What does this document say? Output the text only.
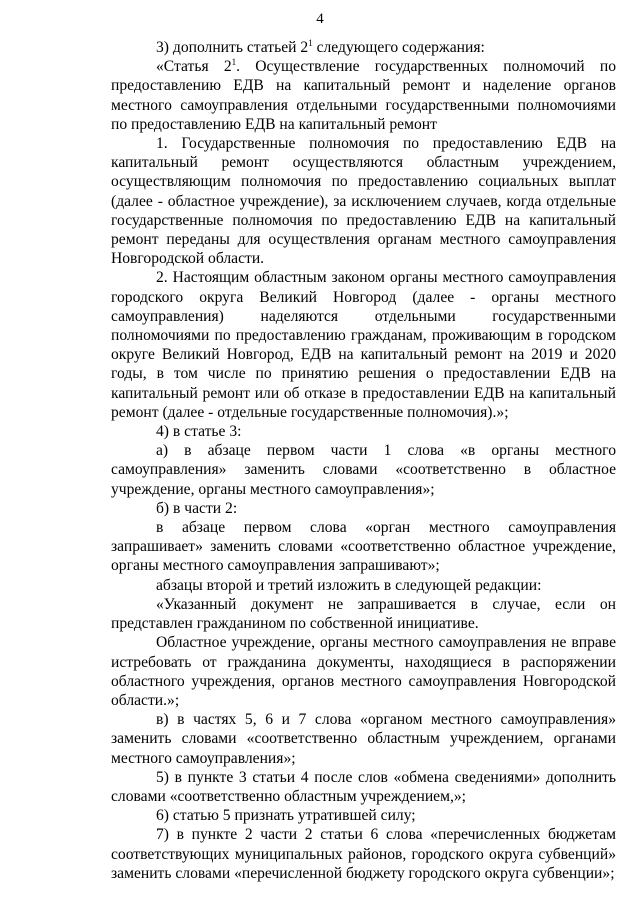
4

3) дополнить статьей $2^1$ следующего содержания:

«Статья $2^1$. Осуществление государственных полномочий по предоставлению ЕДВ на капитальный ремонт и наделение органов местного самоуправления отдельными государственными полномочиями по предоставлению ЕДВ на капитальный ремонт

1. Государственные полномочия по предоставлению ЕДВ на капитальный ремонт осуществляются областным учреждением, осуществляющим полномочия по предоставлению социальных выплат (далее - областное учреждение), за исключением случаев, когда отдельные государственные полномочия по предоставлению ЕДВ на капитальный ремонт переданы для осуществления органам местного самоуправления Новгородской области.

2. Настоящим областным законом органы местного самоуправления городского округа Великий Новгород (далее - органы местного самоуправления) наделяются отдельными государственными полномочиями по предоставлению гражданам, проживающим в городском округе Великий Новгород, ЕДВ на капитальный ремонт на 2019 и 2020 годы, в том числе по принятию решения о предоставлении ЕДВ на капитальный ремонт или об отказе в предоставлении ЕДВ на капитальный ремонт (далее - отдельные государственные полномочия).»;

4) в статье 3:

а) в абзаце первом части 1 слова «в органы местного самоуправления» заменить словами «соответственно в областное учреждение, органы местного самоуправления»;

б) в части 2:

в абзаце первом слова «орган местного самоуправления запрашивает» заменить словами «соответственно областное учреждение, органы местного самоуправления запрашивают»;

абзацы второй и третий изложить в следующей редакции:

«Указанный документ не запрашивается в случае, если он представлен гражданином по собственной инициативе.

Областное учреждение, органы местного самоуправления не вправе истребовать от гражданина документы, находящиеся в распоряжении областного учреждения, органов местного самоуправления Новгородской области.»;

в) в частях 5, 6 и 7 слова «органом местного самоуправления» заменить словами «соответственно областным учреждением, органами местного самоуправления»;

5) в пункте 3 статьи 4 после слов «обмена сведениями» дополнить словами «соответственно областным учреждением,»;

6) статью 5 признать утратившей силу;

7) в пункте 2 части 2 статьи 6 слова «перечисленных бюджетам соответствующих муниципальных районов, городского округа субвенций» заменить словами «перечисленной бюджету городского округа субвенции»;
